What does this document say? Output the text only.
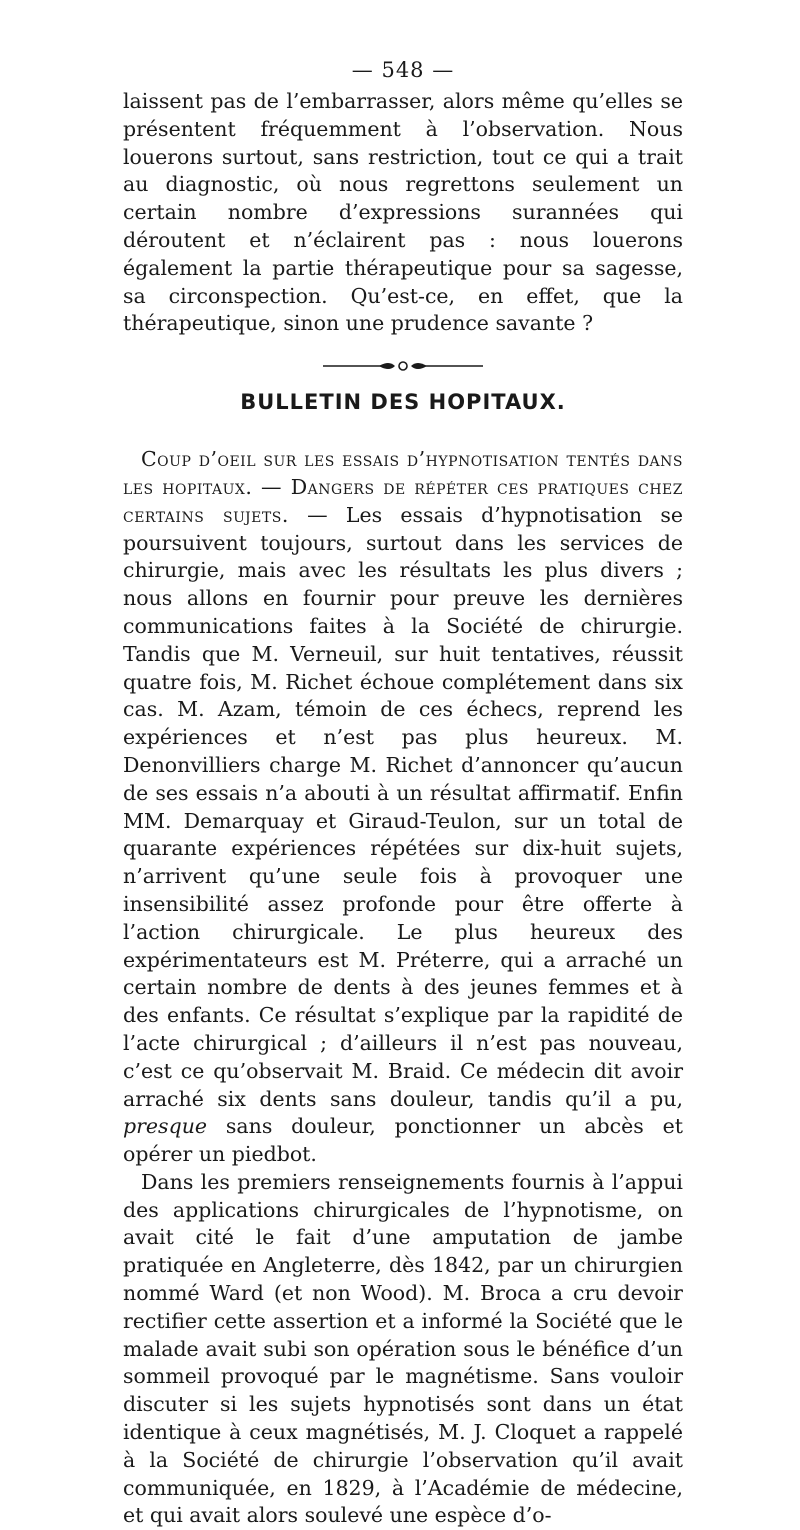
— 548 —

laissent pas de l’embarrasser, alors même qu’elles se présentent fréquemment à l’observation. Nous louerons surtout, sans restriction, tout ce qui a trait au diagnostic, où nous regrettons seulement un certain nombre d’expressions surannées qui déroutent et n’éclairent pas : nous louerons également la partie thérapeutique pour sa sagesse, sa circonspection. Qu’est-ce, en effet, que la thérapeutique, sinon une prudence savante ?

BULLETIN DES HOPITAUX.

Coup d’oeil sur les essais d’hypnotisation tentés dans les hopitaux. — Dangers de répéter ces pratiques chez certains sujets. — Les essais d’hypnotisation se poursuivent toujours, surtout dans les services de chirurgie, mais avec les résultats les plus divers ; nous allons en fournir pour preuve les dernières communications faites à la Société de chirurgie. Tandis que M. Verneuil, sur huit tentatives, réussit quatre fois, M. Richet échoue complétement dans six cas. M. Azam, témoin de ces échecs, reprend les expériences et n’est pas plus heureux. M. Denonvilliers charge M. Richet d’annoncer qu’aucun de ses essais n’a abouti à un résultat affirmatif. Enfin MM. Demarquay et Giraud-Teulon, sur un total de quarante expériences répétées sur dix-huit sujets, n’arrivent qu’une seule fois à provoquer une insensibilité assez profonde pour être offerte à l’action chirurgicale. Le plus heureux des expérimentateurs est M. Préterre, qui a arraché un certain nombre de dents à des jeunes femmes et à des enfants. Ce résultat s’explique par la rapidité de l’acte chirurgical ; d’ailleurs il n’est pas nouveau, c’est ce qu’observait M. Braid. Ce médecin dit avoir arraché six dents sans douleur, tandis qu’il a pu, presque sans douleur, ponctionner un abcès et opérer un piedbot.

Dans les premiers renseignements fournis à l’appui des applications chirurgicales de l’hypnotisme, on avait cité le fait d’une amputation de jambe pratiquée en Angleterre, dès 1842, par un chirurgien nommé Ward (et non Wood). M. Broca a cru devoir rectifier cette assertion et a informé la Société que le malade avait subi son opération sous le bénéfice d’un sommeil provoqué par le magnétisme. Sans vouloir discuter si les sujets hypnotisés sont dans un état identique à ceux magnétisés, M. J. Cloquet a rappelé à la Société de chirurgie l’observation qu’il avait communiquée, en 1829, à l’Académie de médecine, et qui avait alors soulevé une espèce d’o-
